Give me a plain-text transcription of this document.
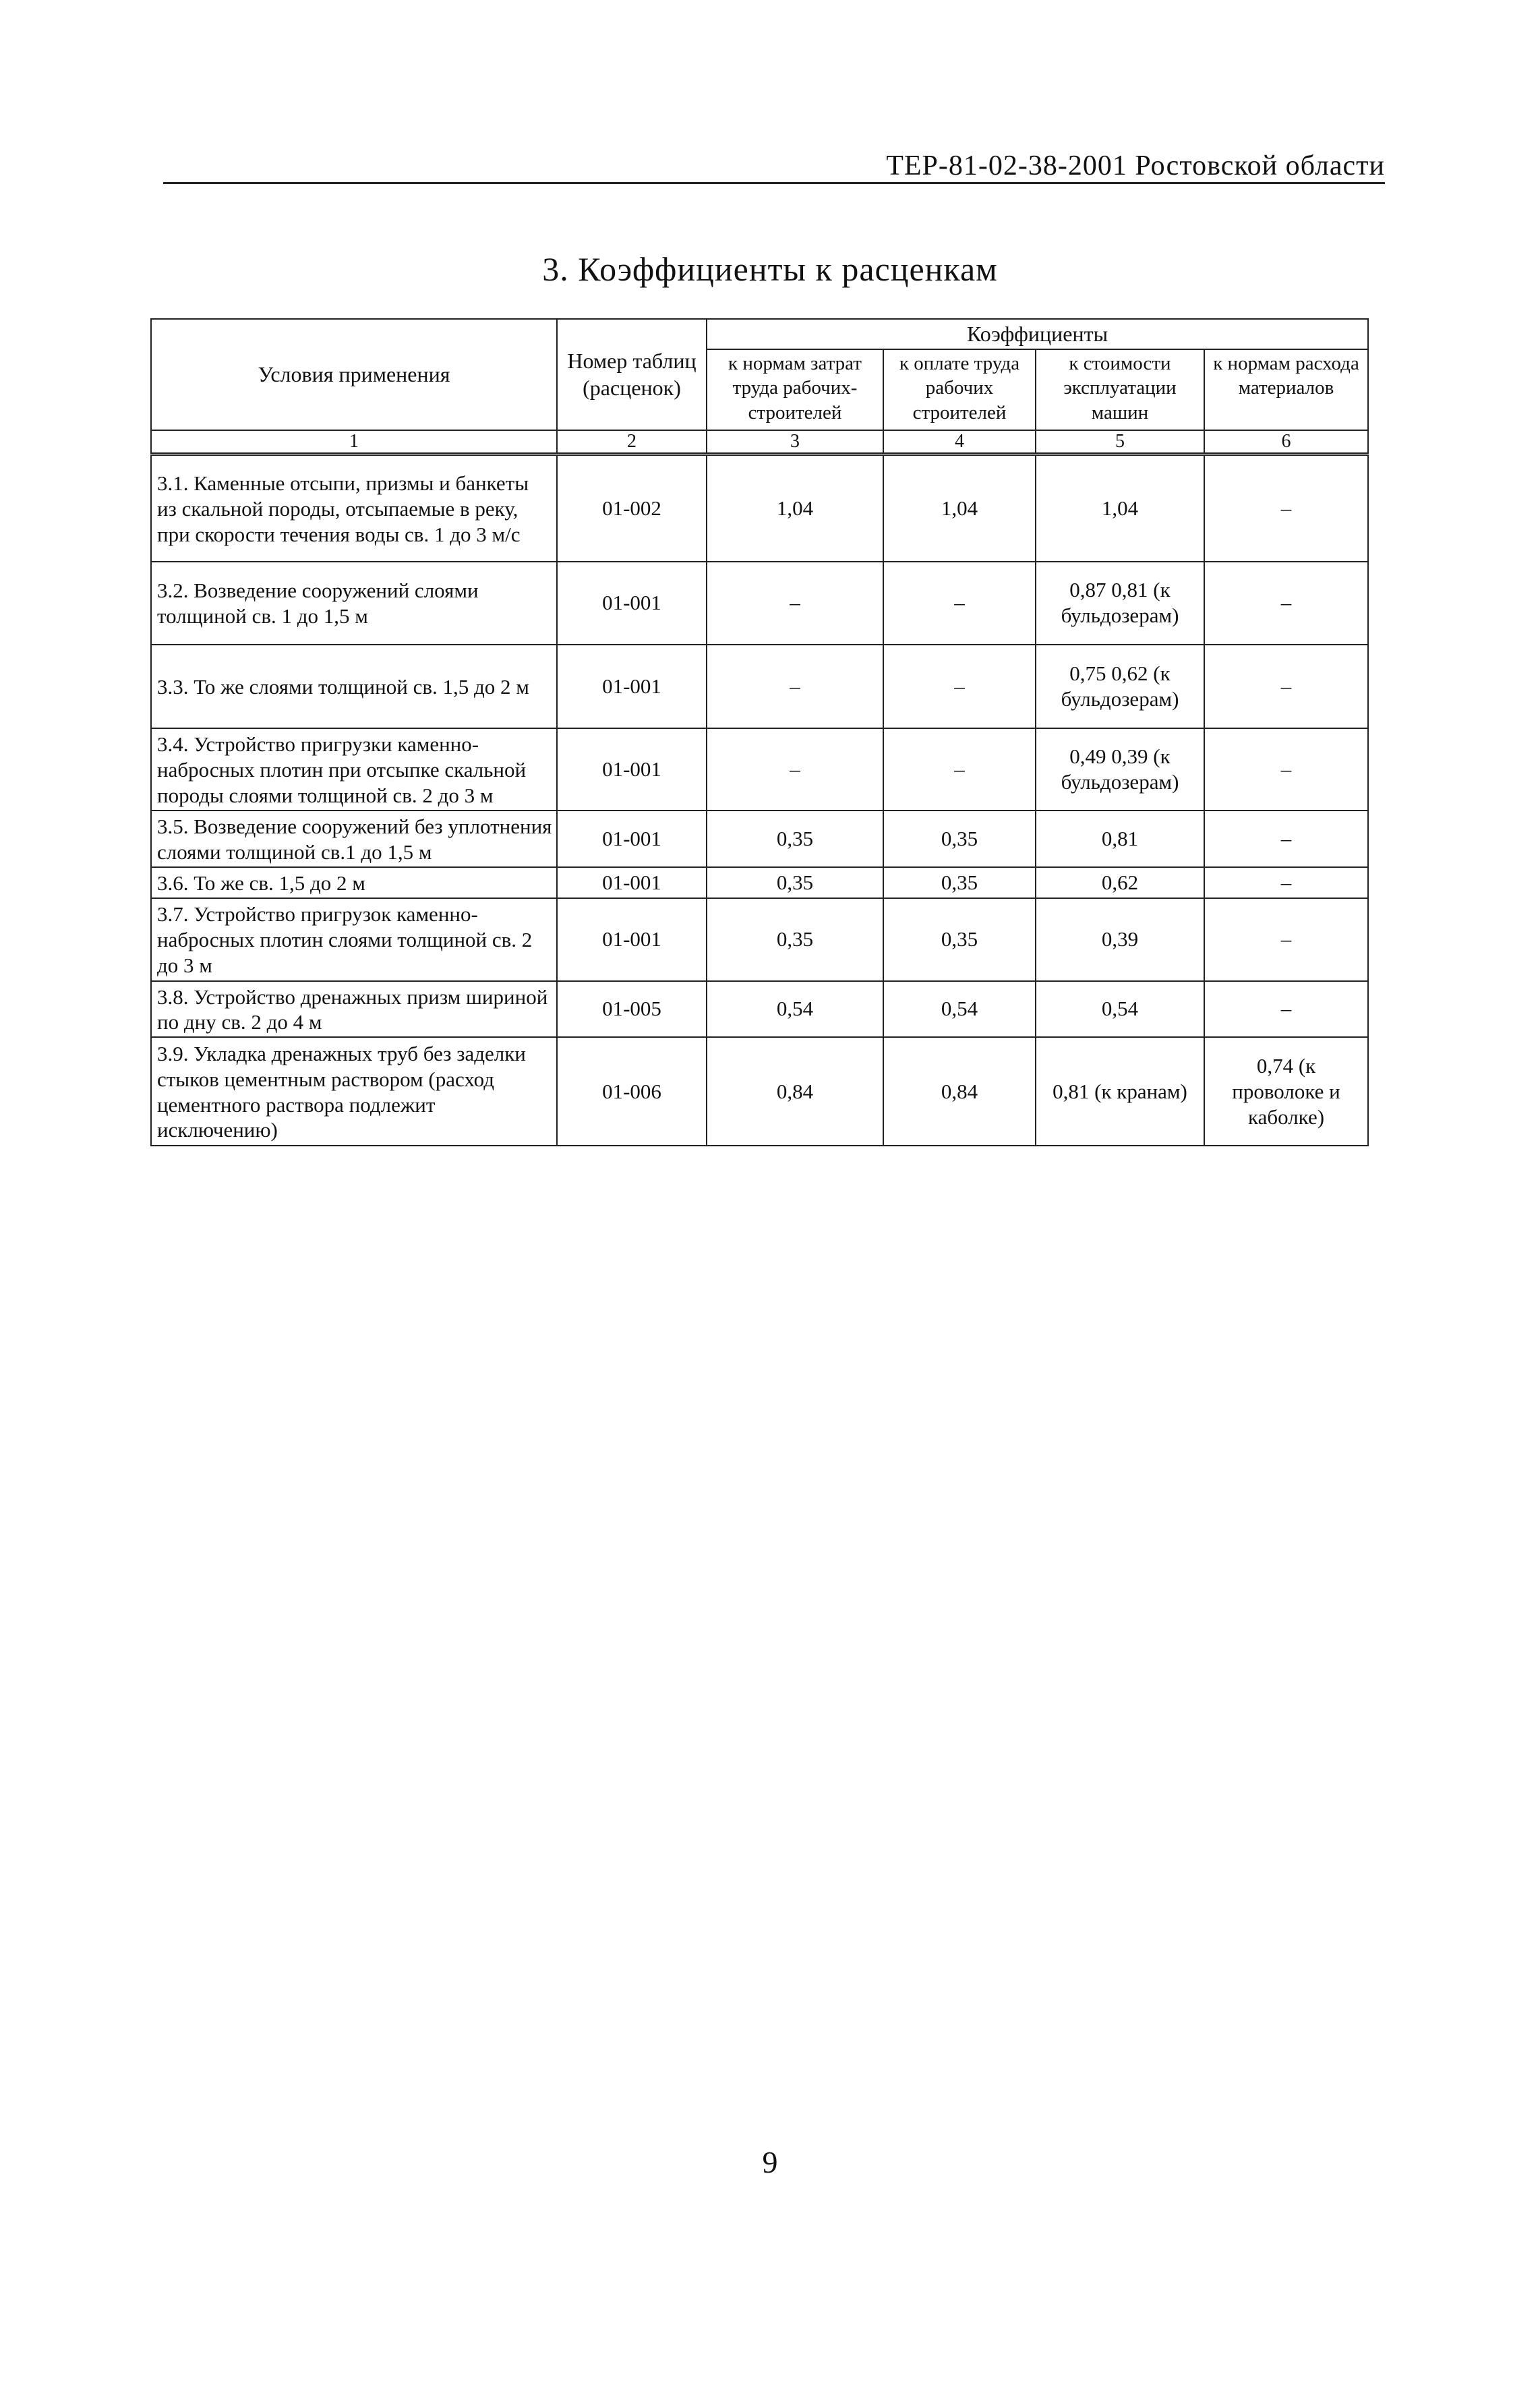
ТЕР-81-02-38-2001 Ростовской области
3. Коэффициенты к расценкам
Условия применения	Номер таблиц (расценок)	Коэффициенты			
		к нормам затрат труда рабочих-строителей	к оплате труда рабочих строителей	к стоимости эксплуатации машин	к нормам расхода материалов
1	2	3	4	5	6
3.1. Каменные отсыпи, призмы и банкеты из скальной породы, отсыпаемые в реку, при скорости течения воды св. 1 до 3 м/с	01-002	1,04	1,04	1,04	–
3.2. Возведение сооружений слоями толщиной св. 1 до 1,5 м	01-001	–	–	0,87 0,81 (к бульдозерам)	–
3.3. То же слоями толщиной св. 1,5 до 2 м	01-001	–	–	0,75 0,62 (к бульдозерам)	–
3.4. Устройство пригрузки каменно-набросных плотин при отсыпке скальной породы слоями толщиной св. 2 до 3 м	01-001	–	–	0,49 0,39 (к бульдозерам)	–
3.5. Возведение сооружений без уплотнения слоями толщиной св.1 до 1,5 м	01-001	0,35	0,35	0,81	–
3.6. То же св. 1,5 до 2 м	01-001	0,35	0,35	0,62	–
3.7. Устройство пригрузок каменно-набросных плотин слоями толщиной св. 2 до 3 м	01-001	0,35	0,35	0,39	–
3.8. Устройство дренажных призм шириной по дну св. 2 до 4 м	01-005	0,54	0,54	0,54	–
3.9. Укладка дренажных труб без заделки стыков цементным раствором (расход цементного раствора подлежит исключению)	01-006	0,84	0,84	0,81 (к кранам)	0,74 (к проволоке и каболке)
9
